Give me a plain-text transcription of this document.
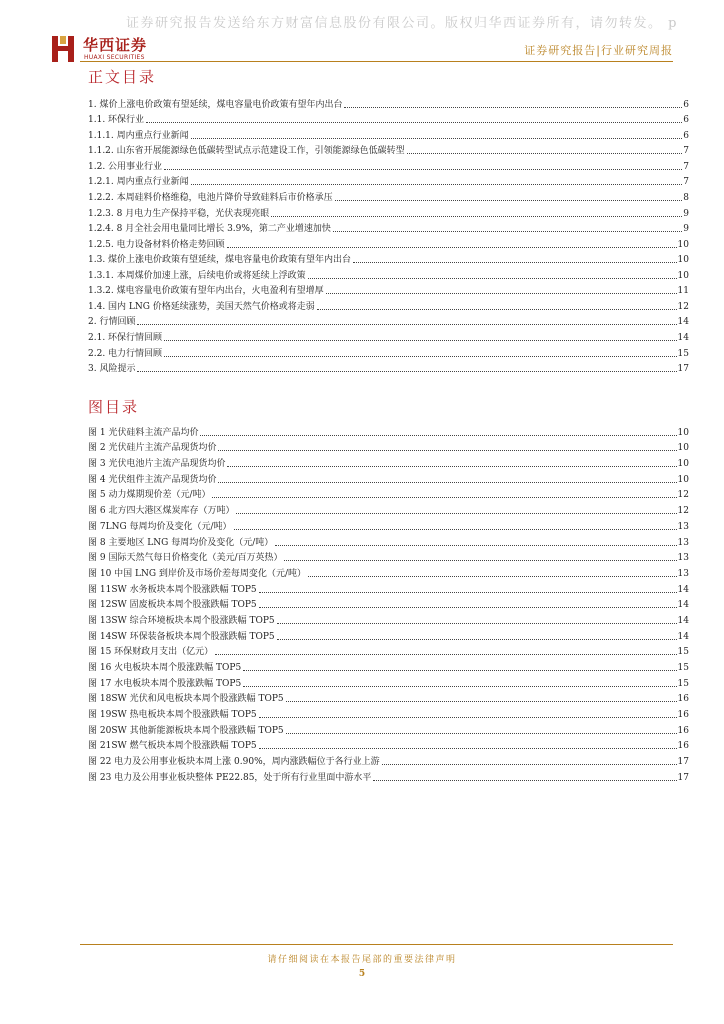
证券研究报告发送给东方财富信息股份有限公司。版权归华西证券所有，请勿转发。 p
华西证券
HUAXI SECURITIES
证券研究报告|行业研究周报
正文目录
1. 煤价上涨电价政策有望延续，煤电容量电价政策有望年内出台	6
1.1. 环保行业	6
1.1.1. 周内重点行业新闻	6
1.1.2. 山东省开展能源绿色低碳转型试点示范建设工作，引领能源绿色低碳转型	7
1.2. 公用事业行业	7
1.2.1. 周内重点行业新闻	7
1.2.2. 本周硅料价格维稳，电池片降价导致硅料后市价格承压	8
1.2.3. 8 月电力生产保持平稳，光伏表现亮眼	9
1.2.4. 8 月全社会用电量同比增长 3.9%，第二产业增速加快	9
1.2.5. 电力设备材料价格走势回顾	10
1.3. 煤价上涨电价政策有望延续，煤电容量电价政策有望年内出台	10
1.3.1. 本周煤价加速上涨，后续电价或将延续上浮政策	10
1.3.2. 煤电容量电价政策有望年内出台，火电盈利有望增厚	11
1.4. 国内 LNG 价格延续涨势，美国天然气价格或将走弱	12
2. 行情回顾	14
2.1. 环保行情回顾	14
2.2. 电力行情回顾	15
3. 风险提示	17
图目录
图 1 光伏硅料主流产品均价	10
图 2 光伏硅片主流产品现货均价	10
图 3 光伏电池片主流产品现货均价	10
图 4 光伏组件主流产品现货均价	10
图 5 动力煤期现价差（元/吨）	12
图 6 北方四大港区煤炭库存（万吨）	12
图 7LNG 每周均价及变化（元/吨）	13
图 8 主要地区 LNG 每周均价及变化（元/吨）	13
图 9 国际天然气每日价格变化（美元/百万英热）	13
图 10 中国 LNG 到岸价及市场价差每周变化（元/吨）	13
图 11SW 水务板块本周个股涨跌幅 TOP5	14
图 12SW 固废板块本周个股涨跌幅 TOP5	14
图 13SW 综合环境板块本周个股涨跌幅 TOP5	14
图 14SW 环保装备板块本周个股涨跌幅 TOP5	14
图 15 环保财政月支出（亿元）	15
图 16 火电板块本周个股涨跌幅 TOP5	15
图 17 水电板块本周个股涨跌幅 TOP5	15
图 18SW 光伏和风电板块本周个股涨跌幅 TOP5	16
图 19SW 热电板块本周个股涨跌幅 TOP5	16
图 20SW 其他新能源板块本周个股涨跌幅 TOP5	16
图 21SW 燃气板块本周个股涨跌幅 TOP5	16
图 22 电力及公用事业板块本周上涨 0.90%，周内涨跌幅位于各行业上游	17
图 23 电力及公用事业板块整体 PE22.85，处于所有行业里面中游水平	17
请仔细阅读在本报告尾部的重要法律声明
5
